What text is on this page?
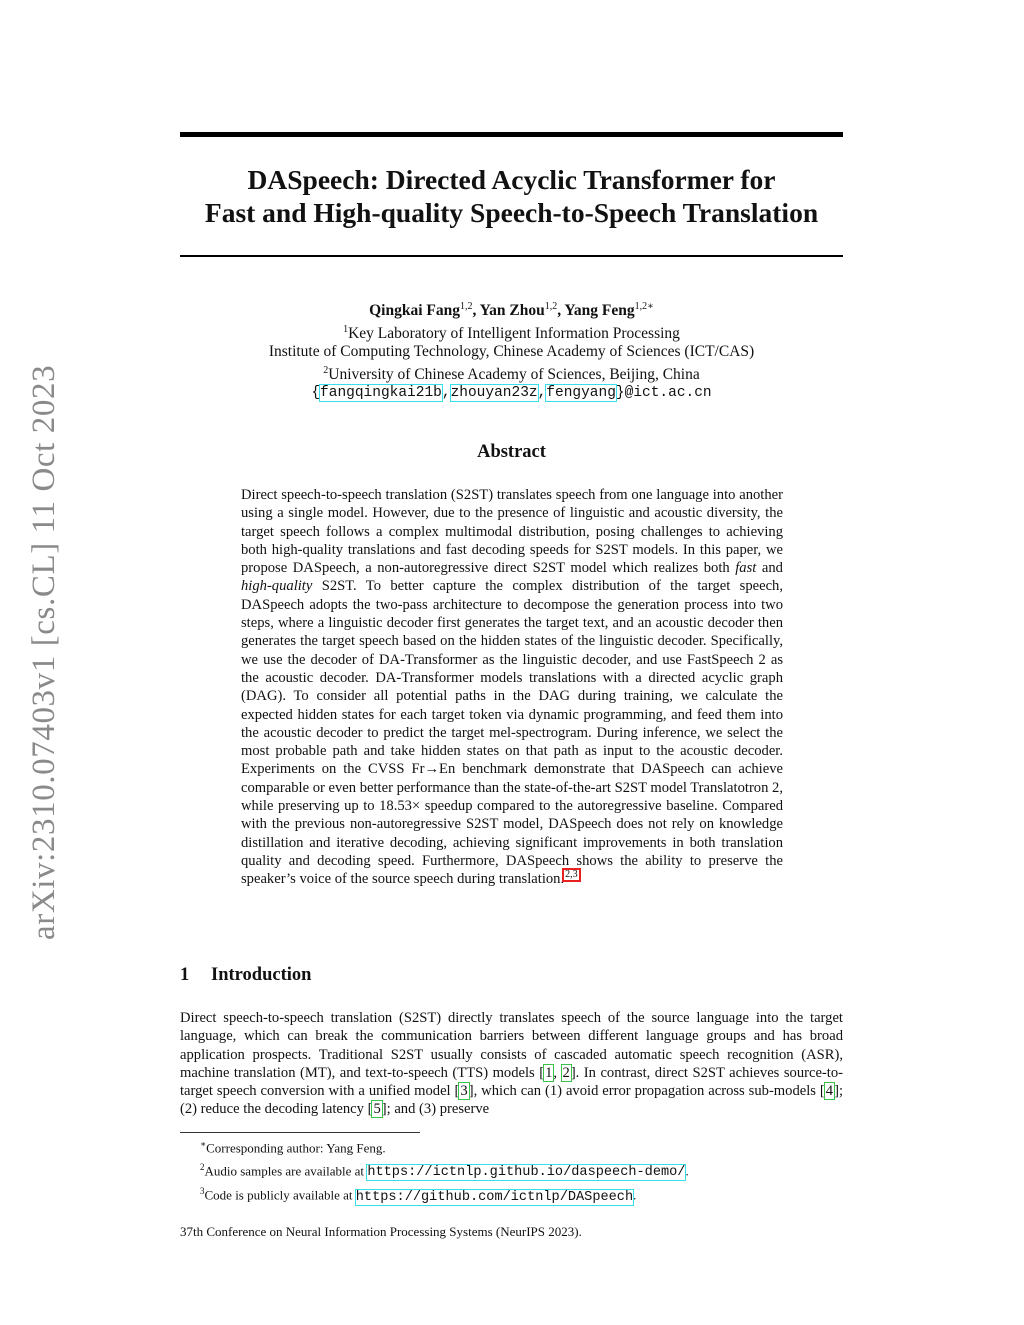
arXiv:2310.07403v1 [cs.CL] 11 Oct 2023
DASpeech: Directed Acyclic Transformer for
Fast and High-quality Speech-to-Speech Translation
Qingkai Fang$^{1,2}$, Yan Zhou$^{1,2}$, Yang Feng$^{1,2∗}$
$^1$Key Laboratory of Intelligent Information Processing
Institute of Computing Technology, Chinese Academy of Sciences (ICT/CAS)
$^2$University of Chinese Academy of Sciences, Beijing, China
{fangqingkai21b,zhouyan23z,fengyang}@ict.ac.cn
Abstract

Direct speech-to-speech translation (S2ST) translates speech from one language into another using a single model. However, due to the presence of linguistic and acoustic diversity, the target speech follows a complex multimodal distribution, posing challenges to achieving both high-quality translations and fast decoding speeds for S2ST models. In this paper, we propose DASpeech, a non-autoregressive direct S2ST model which realizes both fast and high-quality S2ST. To better capture the complex distribution of the target speech, DASpeech adopts the two-pass architecture to decompose the generation process into two steps, where a linguistic decoder first generates the target text, and an acoustic decoder then generates the target speech based on the hidden states of the linguistic decoder. Specifically, we use the decoder of DA-Transformer as the linguistic decoder, and use FastSpeech 2 as the acoustic decoder. DA-Transformer models translations with a directed acyclic graph (DAG). To consider all potential paths in the DAG during training, we calculate the expected hidden states for each target token via dynamic programming, and feed them into the acoustic decoder to predict the target mel-spectrogram. During inference, we select the most probable path and take hidden states on that path as input to the acoustic decoder. Experiments on the CVSS Fr→En benchmark demonstrate that DASpeech can achieve comparable or even better performance than the state-of-the-art S2ST model Translatotron 2, while preserving up to 18.53× speedup compared to the autoregressive baseline. Compared with the previous non-autoregressive S2ST model, DASpeech does not rely on knowledge distillation and iterative decoding, achieving significant improvements in both translation quality and decoding speed. Furthermore, DASpeech shows the ability to preserve the speaker’s voice of the source speech during translation.2,3

1 Introduction

Direct speech-to-speech translation (S2ST) directly translates speech of the source language into the target language, which can break the communication barriers between different language groups and has broad application prospects. Traditional S2ST usually consists of cascaded automatic speech recognition (ASR), machine translation (MT), and text-to-speech (TTS) models [1, 2]. In contrast, direct S2ST achieves source-to-target speech conversion with a unified model [3], which can (1) avoid error propagation across sub-models [4]; (2) reduce the decoding latency [5]; and (3) preserve

∗Corresponding author: Yang Feng.
$^2$Audio samples are available at https://ictnlp.github.io/daspeech-demo/.
$^3$Code is publicly available at https://github.com/ictnlp/DASpeech.
37th Conference on Neural Information Processing Systems (NeurIPS 2023).
